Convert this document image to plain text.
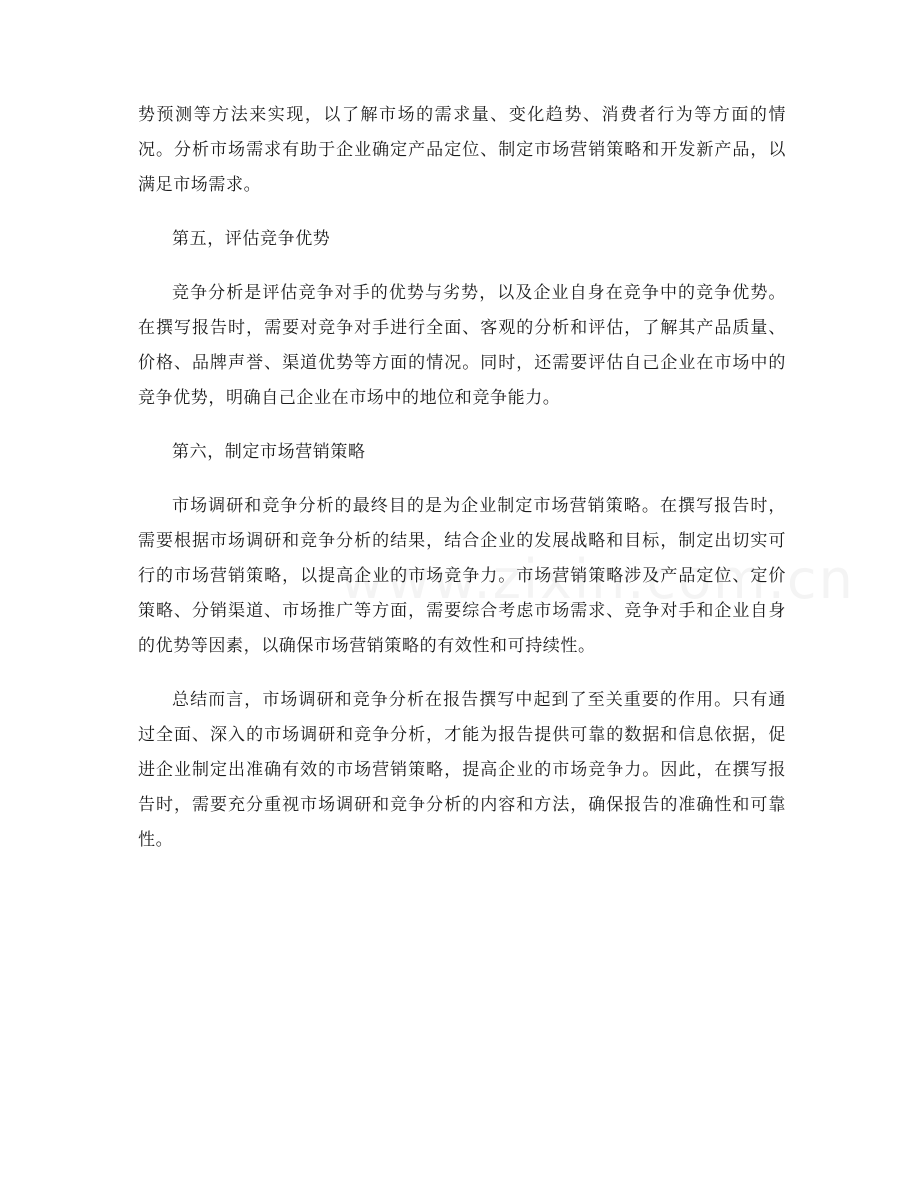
势预测等方法来实现，以了解市场的需求量、变化趋势、消费者行为等方面的情况。分析市场需求有助于企业确定产品定位、制定市场营销策略和开发新产品，以满足市场需求。

第五，评估竞争优势

竞争分析是评估竞争对手的优势与劣势，以及企业自身在竞争中的竞争优势。在撰写报告时，需要对竞争对手进行全面、客观的分析和评估，了解其产品质量、价格、品牌声誉、渠道优势等方面的情况。同时，还需要评估自己企业在市场中的竞争优势，明确自己企业在市场中的地位和竞争能力。

第六，制定市场营销策略

市场调研和竞争分析的最终目的是为企业制定市场营销策略。在撰写报告时，需要根据市场调研和竞争分析的结果，结合企业的发展战略和目标，制定出切实可行的市场营销策略，以提高企业的市场竞争力。市场营销策略涉及产品定位、定价策略、分销渠道、市场推广等方面，需要综合考虑市场需求、竞争对手和企业自身的优势等因素，以确保市场营销策略的有效性和可持续性。

总结而言，市场调研和竞争分析在报告撰写中起到了至关重要的作用。只有通过全面、深入的市场调研和竞争分析，才能为报告提供可靠的数据和信息依据，促进企业制定出准确有效的市场营销策略，提高企业的市场竞争力。因此，在撰写报告时，需要充分重视市场调研和竞争分析的内容和方法，确保报告的准确性和可靠性。
